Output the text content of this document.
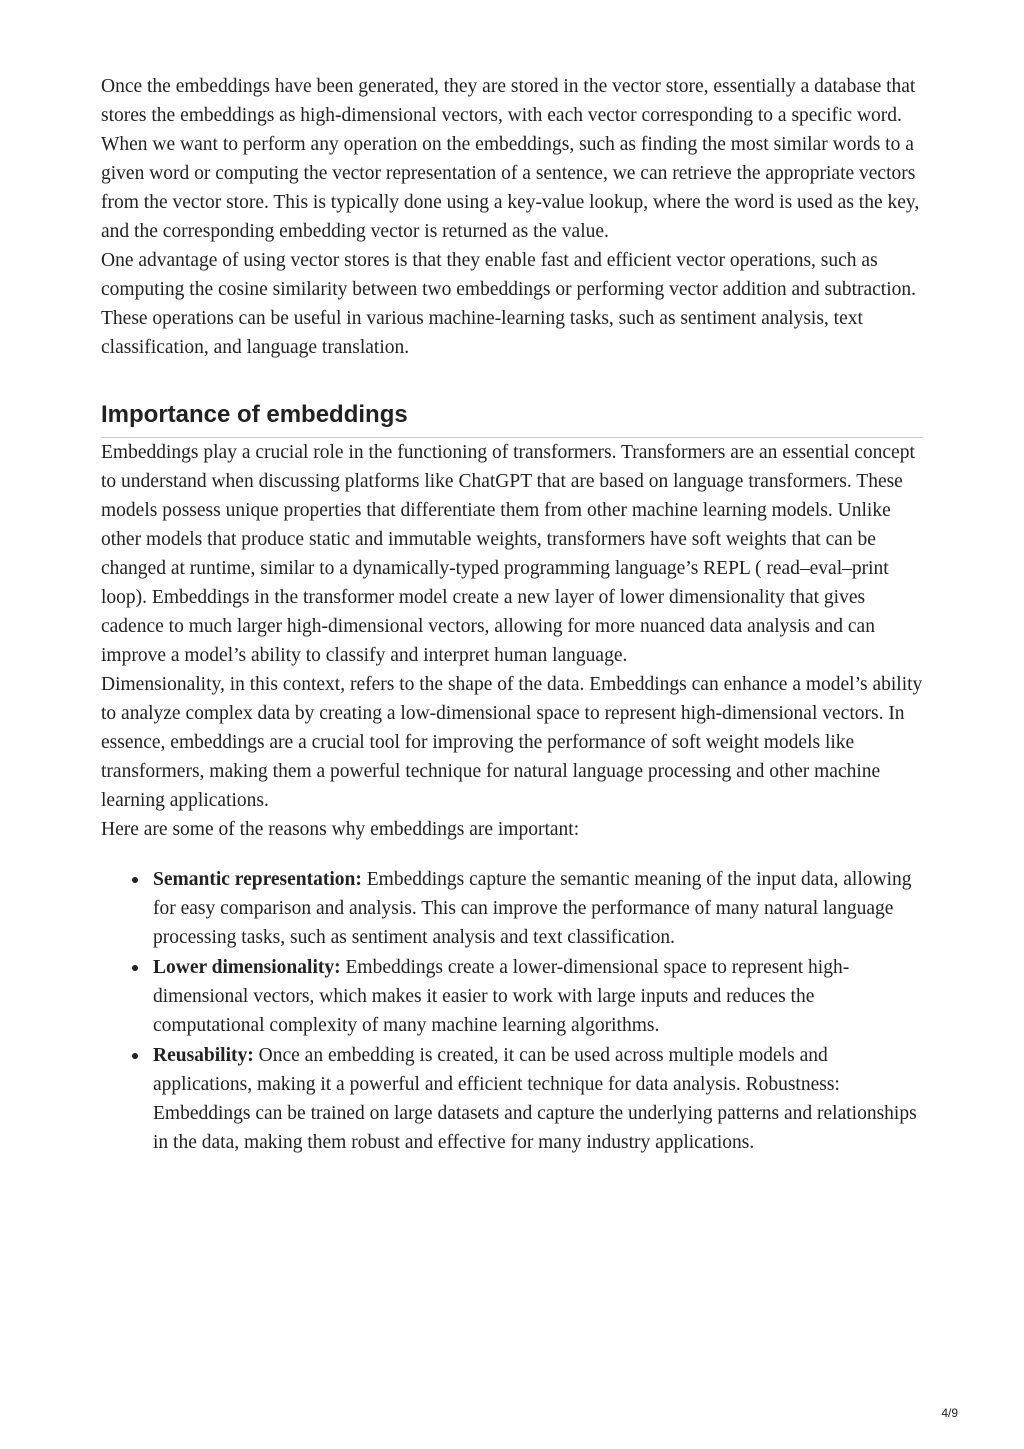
Once the embeddings have been generated, they are stored in the vector store, essentially a database that stores the embeddings as high-dimensional vectors, with each vector corresponding to a specific word. When we want to perform any operation on the embeddings, such as finding the most similar words to a given word or computing the vector representation of a sentence, we can retrieve the appropriate vectors from the vector store. This is typically done using a key-value lookup, where the word is used as the key, and the corresponding embedding vector is returned as the value.

One advantage of using vector stores is that they enable fast and efficient vector operations, such as computing the cosine similarity between two embeddings or performing vector addition and subtraction. These operations can be useful in various machine-learning tasks, such as sentiment analysis, text classification, and language translation.

Importance of embeddings

Embeddings play a crucial role in the functioning of transformers. Transformers are an essential concept to understand when discussing platforms like ChatGPT that are based on language transformers. These models possess unique properties that differentiate them from other machine learning models. Unlike other models that produce static and immutable weights, transformers have soft weights that can be changed at runtime, similar to a dynamically-typed programming language’s REPL ( read–eval–print loop). Embeddings in the transformer model create a new layer of lower dimensionality that gives cadence to much larger high-dimensional vectors, allowing for more nuanced data analysis and can improve a model’s ability to classify and interpret human language.

Dimensionality, in this context, refers to the shape of the data. Embeddings can enhance a model’s ability to analyze complex data by creating a low-dimensional space to represent high-dimensional vectors. In essence, embeddings are a crucial tool for improving the performance of soft weight models like transformers, making them a powerful technique for natural language processing and other machine learning applications.

Here are some of the reasons why embeddings are important:

Semantic representation: Embeddings capture the semantic meaning of the input data, allowing for easy comparison and analysis. This can improve the performance of many natural language processing tasks, such as sentiment analysis and text classification.
Lower dimensionality: Embeddings create a lower-dimensional space to represent high-dimensional vectors, which makes it easier to work with large inputs and reduces the computational complexity of many machine learning algorithms.
Reusability: Once an embedding is created, it can be used across multiple models and applications, making it a powerful and efficient technique for data analysis. Robustness: Embeddings can be trained on large datasets and capture the underlying patterns and relationships in the data, making them robust and effective for many industry applications.
4/9
